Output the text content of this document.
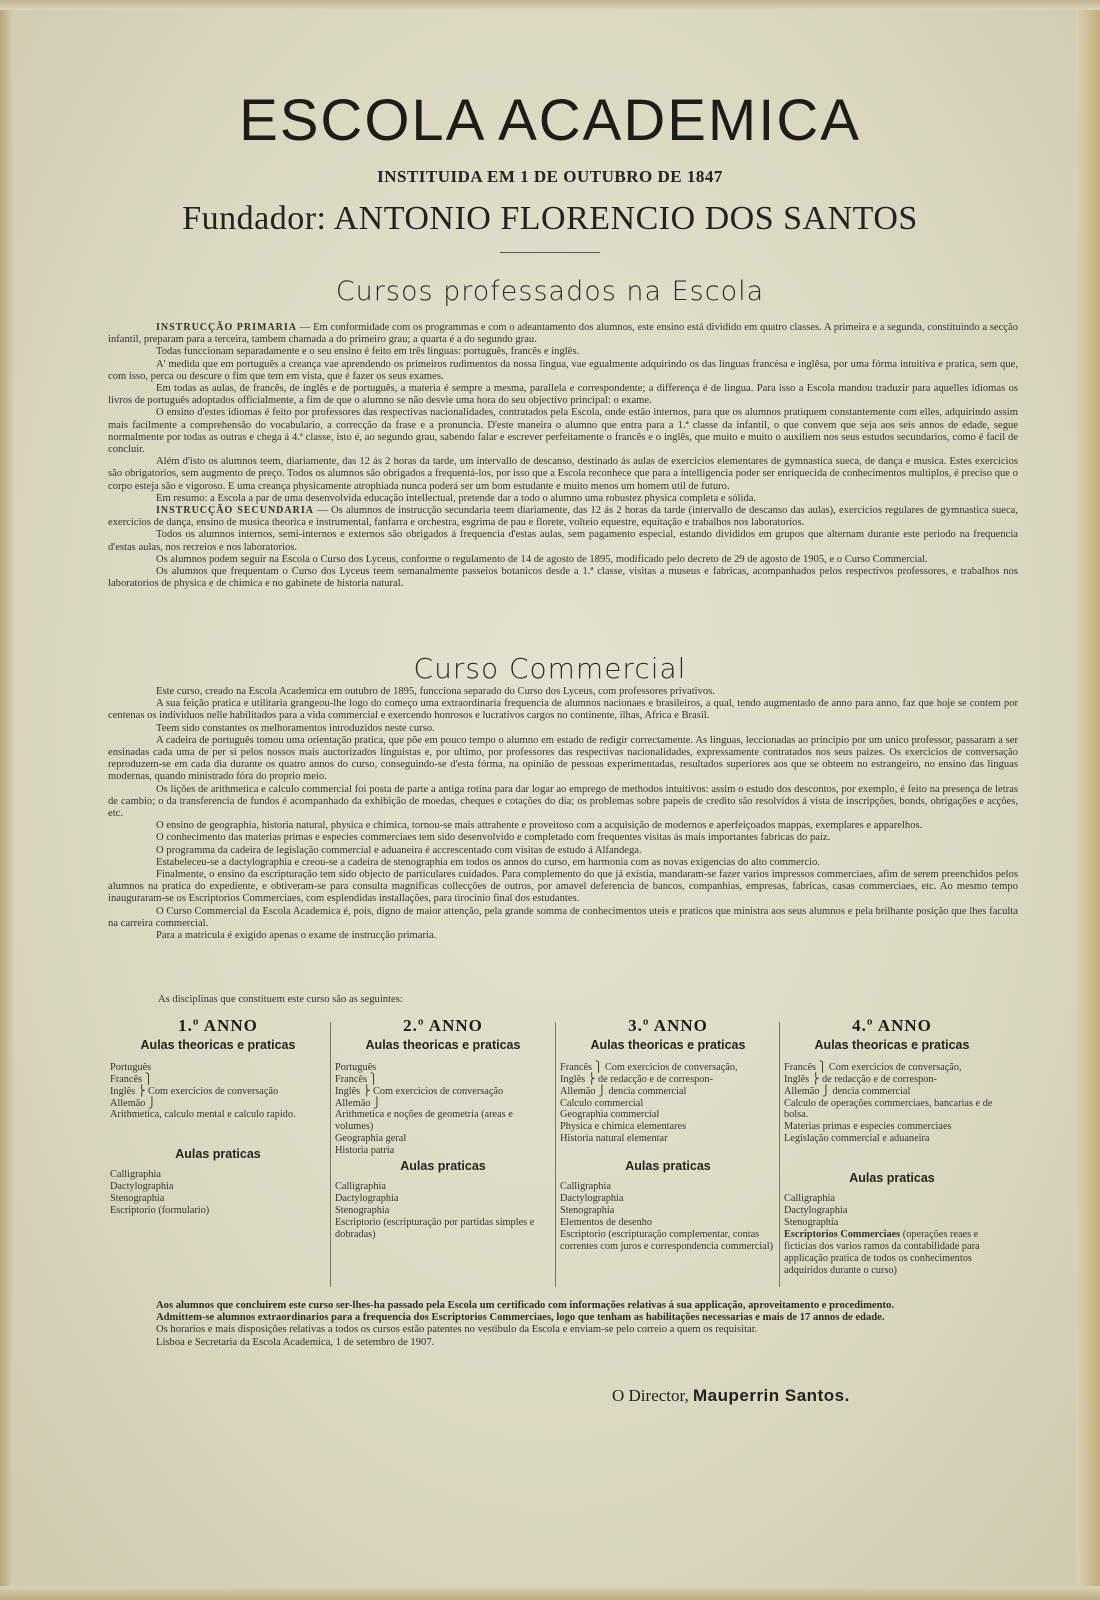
ESCOLA ACADEMICA
INSTITUIDA EM 1 DE OUTUBRO DE 1847
Fundador: ANTONIO FLORENCIO DOS SANTOS
Cursos professados na Escola

INSTRUCÇÃO PRIMARIA — Em conformidade com os programmas e com o adeantamento dos alumnos, este ensino está dividido em quatro classes. A primeira e a segunda, constituindo a secção infantil, preparam para a terceira, tambem chamada a do primeiro grau; a quarta é a do segundo grau.

Todas funccionam separadamente e o seu ensino é feito em três linguas: português, francês e inglês.

A' medida que em português a creança vae aprendendo os primeiros rudimentos da nossa lingua, vae egualmente adquirindo os das linguas francésa e inglêsa, por uma fórma intuitiva e pratica, sem que, com isso, perca ou descure o fim que tem em vista, que é fazer os seus exames.

Em todas as aulas, de francês, de inglês e de português, a materia é sempre a mesma, parallela e correspondente; a differença é de lingua. Para isso a Escola mandou traduzir para aquelles idiomas os livros de português adoptados officialmente, a fim de que o alumno se não desvie uma hora do seu objectivo principal: o exame.

O ensino d'estes idiomas é feito por professores das respectivas nacionalidades, contratados pela Escola, onde estão internos, para que os alumnos pratiquem constantemente com elles, adquirindo assim mais facilmente a comprehensão do vocabulario, a correcção da frase e a pronuncia. D'este maneira o alumno que entra para a 1.ª classe da infantil, o que convem que seja aos seis annos de edade, segue normalmente por todas as outras e chega á 4.ª classe, isto é, ao segundo grau, sabendo falar e escrever perfeitamente o francês e o inglês, que muito e muito o auxiliem nos seus estudos secundarios, como é facil de concluir.

Além d'isto os alumnos teem, diariamente, das 12 ás 2 horas da tarde, um intervallo de descanso, destinado ás aulas de exercicios elementares de gymnastica sueca, de dança e musica. Estes exercicios são obrigatorios, sem augmento de preço. Todos os alumnos são obrigados a frequentá-los, por isso que a Escola reconhece que para a intelligencia poder ser enriquecida de conhecimentos multiplos, é preciso que o corpo esteja são e vigoroso. E uma creança physicamente atrophiada nunca poderá ser um bom estudante e muito menos um homem util de futuro.

Em resumo: a Escola a par de uma desenvolvida educação intellectual, pretende dar a todo o alumno uma robustez physica completa e sólida.

INSTRUCÇÃO SECUNDARIA — Os alumnos de instrucção secundaria teem diariamente, das 12 ás 2 horas da tarde (intervallo de descanso das aulas), exercicios regulares de gymnastica sueca, exercicios de dança, ensino de musica theorica e instrumental, fanfarra e orchestra, esgrima de pau e florete, volteio equestre, equitação e trabalhos nos laboratorios.

Todos os alumnos internos, semi-internos e externos são obrigados á frequencia d'estas aulas, sem pagamento especial, estando divididos em grupos que alternam durante este periodo na frequencia d'estas aulas, nos recreios e nos laboratorios.

Os alumnos podem seguir na Escola o Curso dos Lyceus, conforme o regulamento de 14 de agosto de 1895, modificado pelo decreto de 29 de agosto de 1905, e o Curso Commercial.

Os alumnos que frequentam o Curso dos Lyceus teem semanalmente passeios botanicos desde a 1.ª classe, visitas a museus e fabricas, acompanhados pelos respectivos professores, e trabalhos nos laboratorios de physica e de chimica e no gabinete de historia natural.

Curso Commercial

Este curso, creado na Escola Academica em outubro de 1895, funcciona separado do Curso dos Lyceus, com professores privativos.

A sua feição pratica e utilitaria grangeou-lhe logo do começo uma extraordinaria frequencia de alumnos nacionaes e brasileiros, a qual, tendo augmentado de anno para anno, faz que hoje se contem por centenas os individuos nelle habilitados para a vida commercial e exercendo honrosos e lucrativos cargos no continente, ilhas, Africa e Brasil.

Teem sido constantes os melhoramentos introduzidos neste curso.

A cadeira de português tomou uma orientação pratica, que põe em pouco tempo o alumno em estado de redigir correctamente. As linguas, leccionadas ao principio por um unico professor, passaram a ser ensinadas cada uma de per si pelos nossos mais auctorizados linguistas e, por ultimo, por professores das respectivas nacionalidades, expressamente contratados nos seus paizes. Os exercicios de conversação reproduzem-se em cada dia durante os quatro annos do curso, conseguindo-se d'esta fórma, na opinião de pessoas experimentadas, resultados superiores aos que se obteem no estrangeiro, no ensino das linguas modernas, quando ministrado fóra do proprio meio.

Os lições de arithmetica e calculo commercial foi posta de parte a antiga rotina para dar logar ao emprego de methodos intuitivos: assim o estudo dos descontos, por exemplo, é feito na presença de letras de cambio; o da transferencia de fundos é acompanhado da exhibição de moedas, cheques e cotações do dia; os problemas sobre papeis de credito são resolvidos á vista de inscripções, bonds, obrigações e acções, etc.

O ensino de geographia, historia natural, physica e chimica, tornou-se mais attrahente e proveitoso com a acquisição de modernos e aperfeiçoados mappas, exemplares e apparelhos.

O conhecimento das materias primas e especies commerciaes tem sido desenvolvido e completado com frequentes visitas ás mais importantes fabricas do paiz.

O programma da cadeira de legislação commercial e aduaneira é accrescentado com visitas de estudo á Alfandega.

Estabeleceu-se a dactylographia e creou-se a cadeira de stenographia em todos os annos do curso, em harmonia com as novas exigencias do alto commercio.

Finalmente, o ensino da escripturação tem sido objecto de particulares cuidados. Para complemento do que já existia, mandaram-se fazer varios impressos commerciaes, afim de serem preenchidos pelos alumnos na pratica do expediente, e obtiveram-se para consulta magnificas collecções de outros, por amavel deferencia de bancos, companhias, empresas, fabricas, casas commerciaes, etc. Ao mesmo tempo inauguraram-se os Escriptorios Commerciaes, com esplendidas installações, para tirocinio final dos estudantes.

O Curso Commercial da Escola Academica é, pois, digno de maior attenção, pela grande somma de conhecimentos uteis e praticos que ministra aos seus alumnos e pela brilhante posição que lhes faculta na carreira commercial.

Para a matricula é exigido apenas o exame de instrucção primaria.

As disciplinas que constituem este curso são as seguintes:
1.º ANNO
Aulas theoricas e praticas
Português
Francês ⎫
Inglês ⎬ Com exercicios de conversação
Allemão ⎭
Arithmetica, calculo mental e calculo rapido.
Aulas praticas
Calligraphia
Dactylographia
Stenographia
Escriptorio (formulario)
2.º ANNO
Aulas theoricas e praticas
Português
Francês ⎫
Inglês ⎬ Com exercicios de conversação
Allemão ⎭
Arithmetica e noções de geometria (areas e volumes)
Geographia geral
Historia patria
Aulas praticas
Calligraphia
Dactylographia
Stenographia
Escriptorio (escripturação por partidas simples e dobradas)
3.º ANNO
Aulas theoricas e praticas
Francês ⎫ Com exercicios de conversação,
Inglês ⎬ de redacção e de correspon-
Allemão ⎭ dencia commercial
Calculo commercial
Geographia commercial
Physica e chimica elementares
Historia natural elementar
Aulas praticas
Calligraphia
Dactylographia
Stenographia
Elementos de desenho
Escriptorio (escripturação complementar, contas correntes com juros e correspondencia commercial)
4.º ANNO
Aulas theoricas e praticas
Francês ⎫ Com exercicios de conversação,
Inglês ⎬ de redacção e de correspon-
Allemão ⎭ dencia commercial
Calculo de operações commerciaes, bancarias e de bolsa.
Materias primas e especies commerciaes
Legislação commercial e aduaneira
Aulas praticas
Calligraphia
Dactylographia
Stenographia
Escriptorios Commerciaes (operações reaes e ficticias dos varios ramos da contabilidade para applicação pratica de todos os conhecimentos adquiridos durante o curso)

Aos alumnos que concluirem este curso ser-lhes-ha passado pela Escola um certificado com informações relativas á sua applicação, aproveitamento e procedimento.

Admittem-se alumnos extraordinarios para a frequencia dos Escriptorios Commerciaes, logo que tenham as habilitações necessarias e mais de 17 annos de edade.

Os horarios e mais disposições relativas a todos os cursos estão patentes no vestibulo da Escola e enviam-se pelo correio a quem os requisitar.

Lisboa e Secretaria da Escola Academica, 1 de setembro de 1907.

O Director, Mauperrin Santos.
